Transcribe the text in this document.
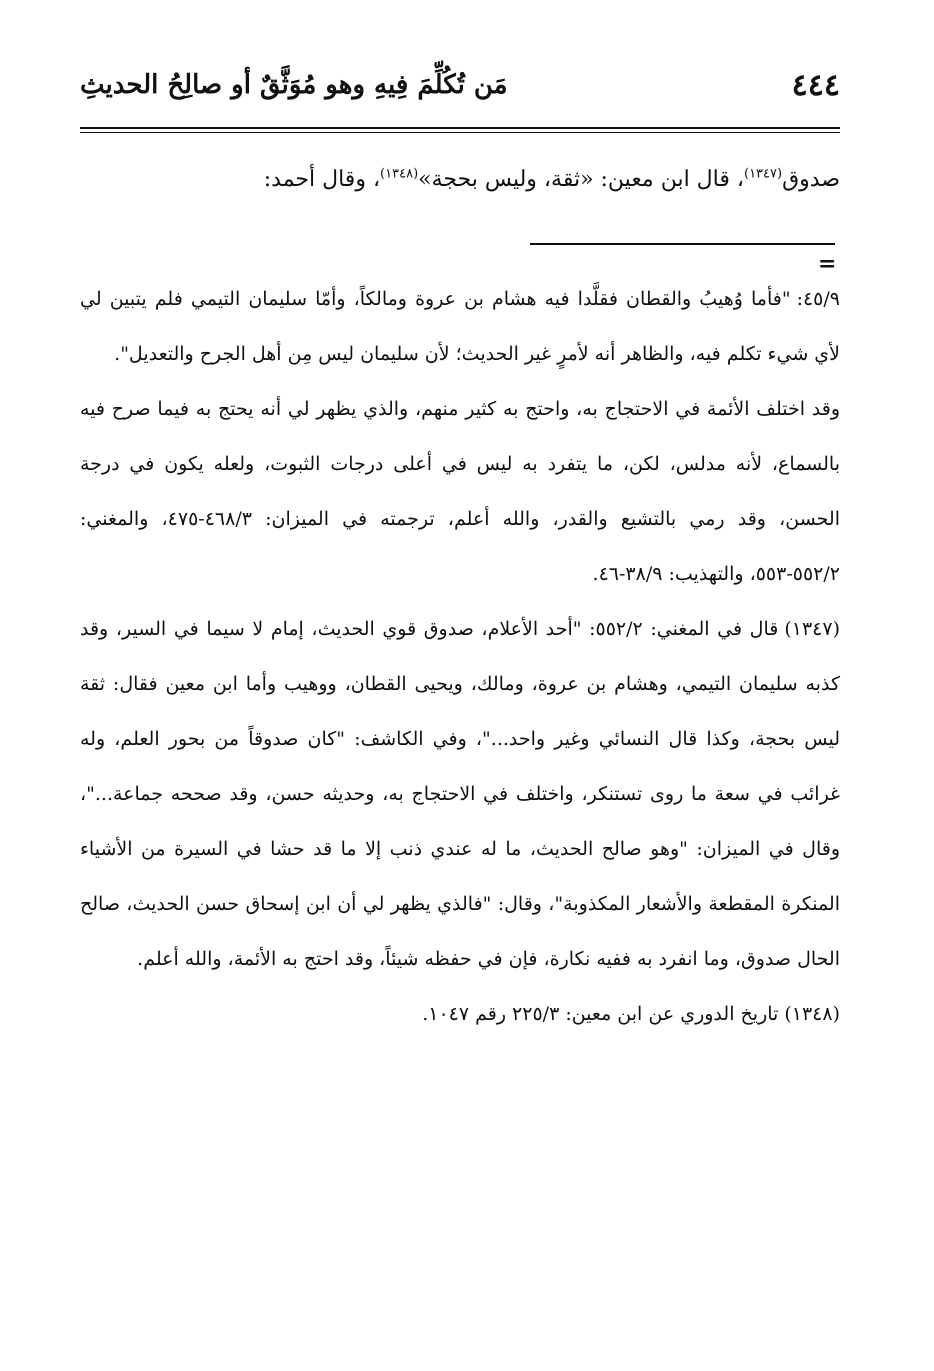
٤٤٤
مَن تُكُلِّمَ فِيهِ وهو مُوَثَّقٌ أو صالِحُ الحديثِ
صدوق$^{(١٣٤٧)}$، قال ابن معين: «ثقة، وليس بحجة»$^{(١٣٤٨)}$، وقال أحمد:
=

٤٥/٩:"فأما وُهيبُ والقطان فقلَّدا فيه هشام بن عروة ومالكاً، وأمّا سليمان التيمي فلم يتبين لي لأي شيء تكلم فيه، والظاهر أنه لأمرٍ غير الحديث؛ لأن سليمان ليس مِن أهل الجرح والتعديل".

وقد اختلف الأئمة في الاحتجاج به، واحتج به كثير منهم، والذي يظهر لي أنه يحتج به فيما صرح فيه بالسماع، لأنه مدلس، لكن، ما يتفرد به ليس في أعلى درجات الثبوت، ولعله يكون في درجة الحسن، وقد رمي بالتشيع والقدر، والله أعلم، ترجمته في الميزان: ٤٦٨/٣-٤٧٥، والمغني: ٥٥٢/٢-٥٥٣، والتهذيب: ٣٨/٩-٤٦.

(١٣٤٧)قال في المغني: ٥٥٢/٢: "أحد الأعلام، صدوق قوي الحديث، إمام لا سيما في السير، وقد كذبه سليمان التيمي، وهشام بن عروة، ومالك، ويحيى القطان، ووهيب وأما ابن معين فقال: ثقة ليس بحجة، وكذا قال النسائي وغير واحد..."، وفي الكاشف: "كان صدوقاً من بحور العلم، وله غرائب في سعة ما روى تستنكر، واختلف في الاحتجاج به، وحديثه حسن، وقد صححه جماعة..."، وقال في الميزان: "وهو صالح الحديث، ما له عندي ذنب إلا ما قد حشا في السيرة من الأشياء المنكرة المقطعة والأشعار المكذوبة"، وقال: "فالذي يظهر لي أن ابن إسحاق حسن الحديث، صالح الحال صدوق، وما انفرد به ففيه نكارة، فإن في حفظه شيئاً، وقد احتج به الأئمة، والله أعلم.

(١٣٤٨)تاريخ الدوري عن ابن معين: ٢٢٥/٣ رقم ١٠٤٧.
